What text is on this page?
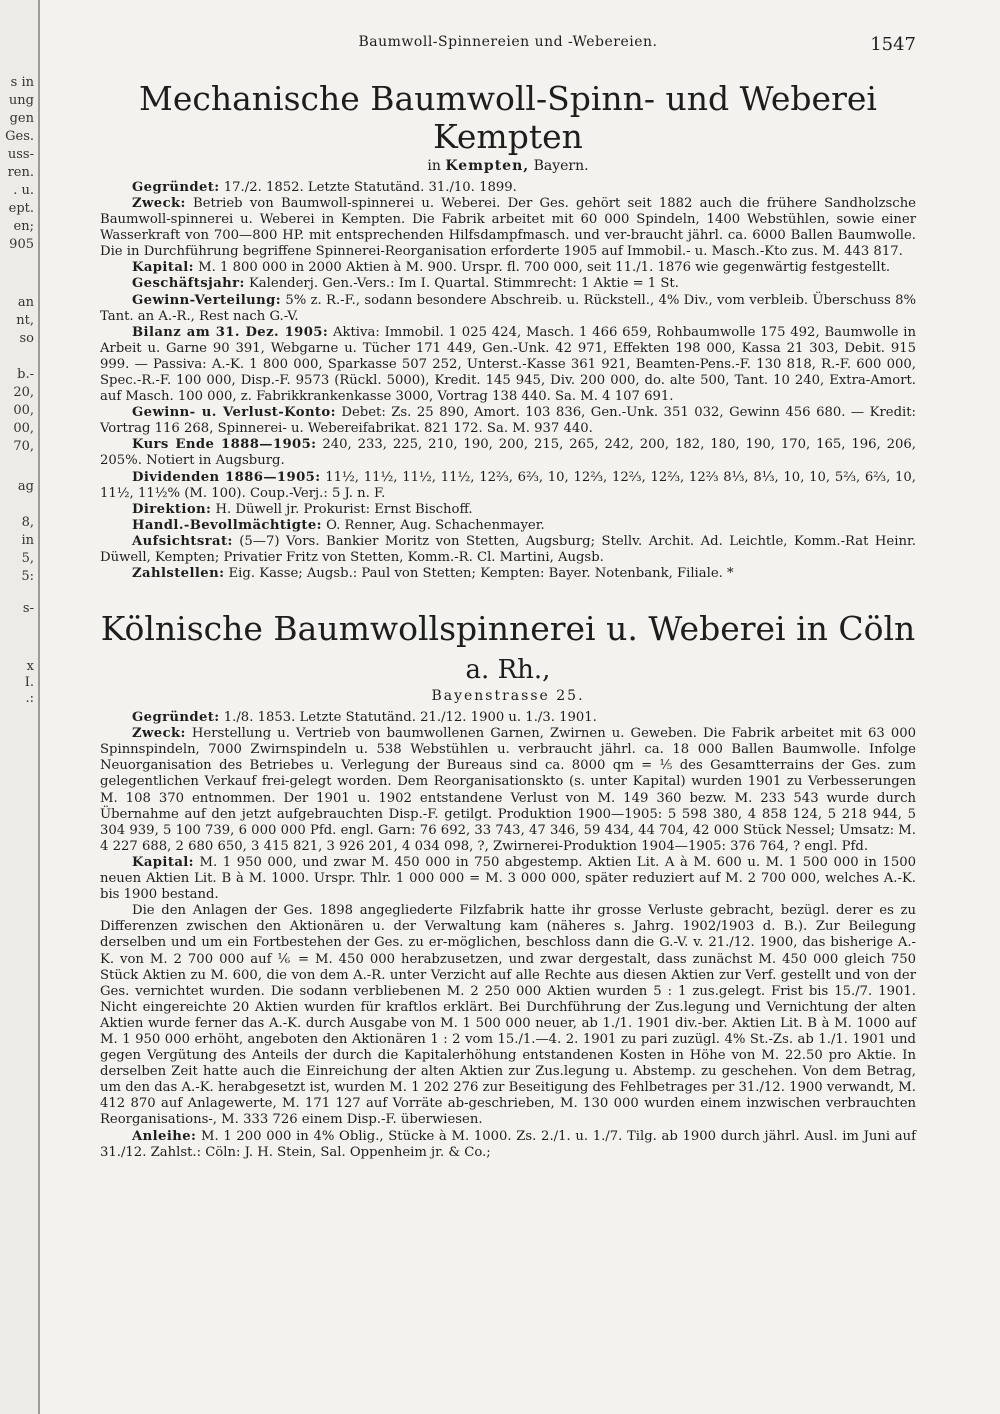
s in
ung
gen
Ges.
uss-
ren.
. u.
ept.
en;
905
an
nt,
so
b.-
20,
00,
00,
70,
ag
8,
in
5,
5:
s-
x
I.
.:
Baumwoll-Spinnereien und -Webereien.	1547
Mechanische Baumwoll-Spinn- und Weberei Kempten
in Kempten, Bayern.

Gegründet: 17./2. 1852. Letzte Statutänd. 31./10. 1899.

Zweck: Betrieb von Baumwoll-spinnerei u. Weberei. Der Ges. gehört seit 1882 auch die frühere Sandholzsche Baumwoll-spinnerei u. Weberei in Kempten. Die Fabrik arbeitet mit 60 000 Spindeln, 1400 Webstühlen, sowie einer Wasserkraft von 700—800 HP. mit entsprechenden Hilfsdampfmasch. und ver-braucht jährl. ca. 6000 Ballen Baumwolle. Die in Durchführung begriffene Spinnerei-Reorganisation erforderte 1905 auf Immobil.- u. Masch.-Kto zus. M. 443 817.

Kapital: M. 1 800 000 in 2000 Aktien à M. 900. Urspr. fl. 700 000, seit 11./1. 1876 wie gegenwärtig festgestellt.

Geschäftsjahr: Kalenderj. Gen.-Vers.: Im I. Quartal. Stimmrecht: 1 Aktie = 1 St.

Gewinn-Verteilung: 5% z. R.-F., sodann besondere Abschreib. u. Rückstell., 4% Div., vom verbleib. Überschuss 8% Tant. an A.-R., Rest nach G.-V.

Bilanz am 31. Dez. 1905: Aktiva: Immobil. 1 025 424, Masch. 1 466 659, Rohbaumwolle 175 492, Baumwolle in Arbeit u. Garne 90 391, Webgarne u. Tücher 171 449, Gen.-Unk. 42 971, Effekten 198 000, Kassa 21 303, Debit. 915 999. — Passiva: A.-K. 1 800 000, Sparkasse 507 252, Unterst.-Kasse 361 921, Beamten-Pens.-F. 130 818, R.-F. 600 000, Spec.-R.-F. 100 000, Disp.-F. 9573 (Rückl. 5000), Kredit. 145 945, Div. 200 000, do. alte 500, Tant. 10 240, Extra-Amort. auf Masch. 100 000, z. Fabrikkrankenkasse 3000, Vortrag 138 440. Sa. M. 4 107 691.

Gewinn- u. Verlust-Konto: Debet: Zs. 25 890, Amort. 103 836, Gen.-Unk. 351 032, Gewinn 456 680. — Kredit: Vortrag 116 268, Spinnerei- u. Webereifabrikat. 821 172. Sa. M. 937 440.

Kurs Ende 1888—1905: 240, 233, 225, 210, 190, 200, 215, 265, 242, 200, 182, 180, 190, 170, 165, 196, 206, 205%. Notiert in Augsburg.

Dividenden 1886—1905: 11½, 11½, 11½, 11½, 12⅔, 6⅔, 10, 12⅔, 12⅔, 12⅔, 12⅔ 8⅓, 8⅓, 10, 10, 5⅔, 6⅔, 10, 11½, 11½% (M. 100). Coup.-Verj.: 5 J. n. F.

Direktion: H. Düwell jr. Prokurist: Ernst Bischoff.

Handl.-Bevollmächtigte: O. Renner, Aug. Schachenmayer.

Aufsichtsrat: (5—7) Vors. Bankier Moritz von Stetten, Augsburg; Stellv. Archit. Ad. Leichtle, Komm.-Rat Heinr. Düwell, Kempten; Privatier Fritz von Stetten, Komm.-R. Cl. Martini, Augsb.

Zahlstellen: Eig. Kasse; Augsb.: Paul von Stetten; Kempten: Bayer. Notenbank, Filiale. *

Kölnische Baumwollspinnerei u. Weberei in Cöln a. Rh.,
Bayenstrasse 25.

Gegründet: 1./8. 1853. Letzte Statutänd. 21./12. 1900 u. 1./3. 1901.

Zweck: Herstellung u. Vertrieb von baumwollenen Garnen, Zwirnen u. Geweben. Die Fabrik arbeitet mit 63 000 Spinnspindeln, 7000 Zwirnspindeln u. 538 Webstühlen u. verbraucht jährl. ca. 18 000 Ballen Baumwolle. Infolge Neuorganisation des Betriebes u. Verlegung der Bureaus sind ca. 8000 qm = ⅕ des Gesamtterrains der Ges. zum gelegentlichen Verkauf frei-gelegt worden. Dem Reorganisationskto (s. unter Kapital) wurden 1901 zu Verbesserungen M. 108 370 entnommen. Der 1901 u. 1902 entstandene Verlust von M. 149 360 bezw. M. 233 543 wurde durch Übernahme auf den jetzt aufgebrauchten Disp.-F. getilgt. Produktion 1900—1905: 5 598 380, 4 858 124, 5 218 944, 5 304 939, 5 100 739, 6 000 000 Pfd. engl. Garn: 76 692, 33 743, 47 346, 59 434, 44 704, 42 000 Stück Nessel; Umsatz: M. 4 227 688, 2 680 650, 3 415 821, 3 926 201, 4 034 098, ?, Zwirnerei-Produktion 1904—1905: 376 764, ? engl. Pfd.

Kapital: M. 1 950 000, und zwar M. 450 000 in 750 abgestemp. Aktien Lit. A à M. 600 u. M. 1 500 000 in 1500 neuen Aktien Lit. B à M. 1000. Urspr. Thlr. 1 000 000 = M. 3 000 000, später reduziert auf M. 2 700 000, welches A.-K. bis 1900 bestand.

Die den Anlagen der Ges. 1898 angegliederte Filzfabrik hatte ihr grosse Verluste gebracht, bezügl. derer es zu Differenzen zwischen den Aktionären u. der Verwaltung kam (näheres s. Jahrg. 1902/1903 d. B.). Zur Beilegung derselben und um ein Fortbestehen der Ges. zu er-möglichen, beschloss dann die G.-V. v. 21./12. 1900, das bisherige A.-K. von M. 2 700 000 auf ⅙ = M. 450 000 herabzusetzen, und zwar dergestalt, dass zunächst M. 450 000 gleich 750 Stück Aktien zu M. 600, die von dem A.-R. unter Verzicht auf alle Rechte aus diesen Aktien zur Verf. gestellt und von der Ges. vernichtet wurden. Die sodann verbliebenen M. 2 250 000 Aktien wurden 5 : 1 zus.gelegt. Frist bis 15./7. 1901. Nicht eingereichte 20 Aktien wurden für kraftlos erklärt. Bei Durchführung der Zus.legung und Vernichtung der alten Aktien wurde ferner das A.-K. durch Ausgabe von M. 1 500 000 neuer, ab 1./1. 1901 div.-ber. Aktien Lit. B à M. 1000 auf M. 1 950 000 erhöht, angeboten den Aktionären 1 : 2 vom 15./1.—4. 2. 1901 zu pari zuzügl. 4% St.-Zs. ab 1./1. 1901 und gegen Vergütung des Anteils der durch die Kapitalerhöhung entstandenen Kosten in Höhe von M. 22.50 pro Aktie. In derselben Zeit hatte auch die Einreichung der alten Aktien zur Zus.legung u. Abstemp. zu geschehen. Von dem Betrag, um den das A.-K. herabgesetzt ist, wurden M. 1 202 276 zur Beseitigung des Fehlbetrages per 31./12. 1900 verwandt, M. 412 870 auf Anlagewerte, M. 171 127 auf Vorräte ab-geschrieben, M. 130 000 wurden einem inzwischen verbrauchten Reorganisations-, M. 333 726 einem Disp.-F. überwiesen.

Anleihe: M. 1 200 000 in 4% Oblig., Stücke à M. 1000. Zs. 2./1. u. 1./7. Tilg. ab 1900 durch jährl. Ausl. im Juni auf 31./12. Zahlst.: Cöln: J. H. Stein, Sal. Oppenheim jr. & Co.;
